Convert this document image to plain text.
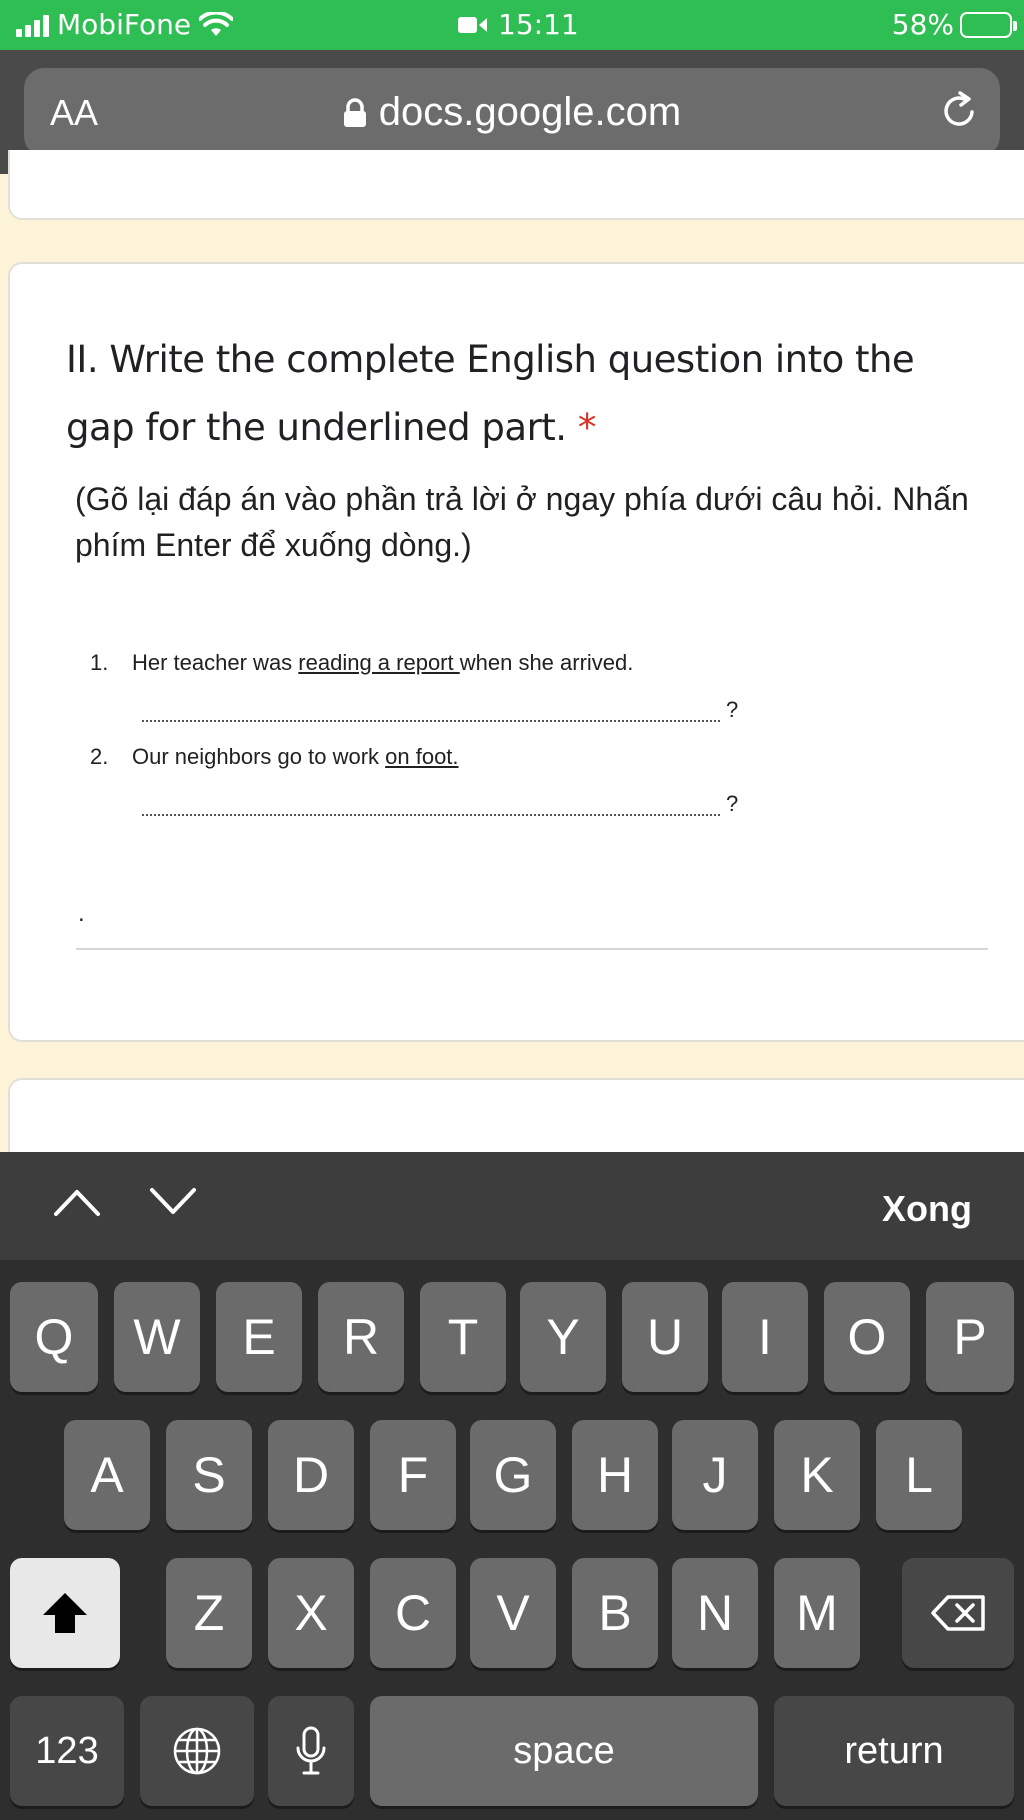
MobiFone	15:11	58%
AA	docs.google.com
II. Write the complete English question into the gap for the underlined part. *
(Gõ lại đáp án vào phần trả lời ở ngay phía dưới câu hỏi. Nhấn phím Enter để xuống dòng.)
1.	Her teacher was reading a report when she arrived.
?
2.	Our neighbors go to work on foot.
?
.
Xong
Q	W	E	R	T	Y	U	I	O	P
A	S	D	F	G	H	J	K	L
Z	X	C	V	B	N	M
123	space	return
